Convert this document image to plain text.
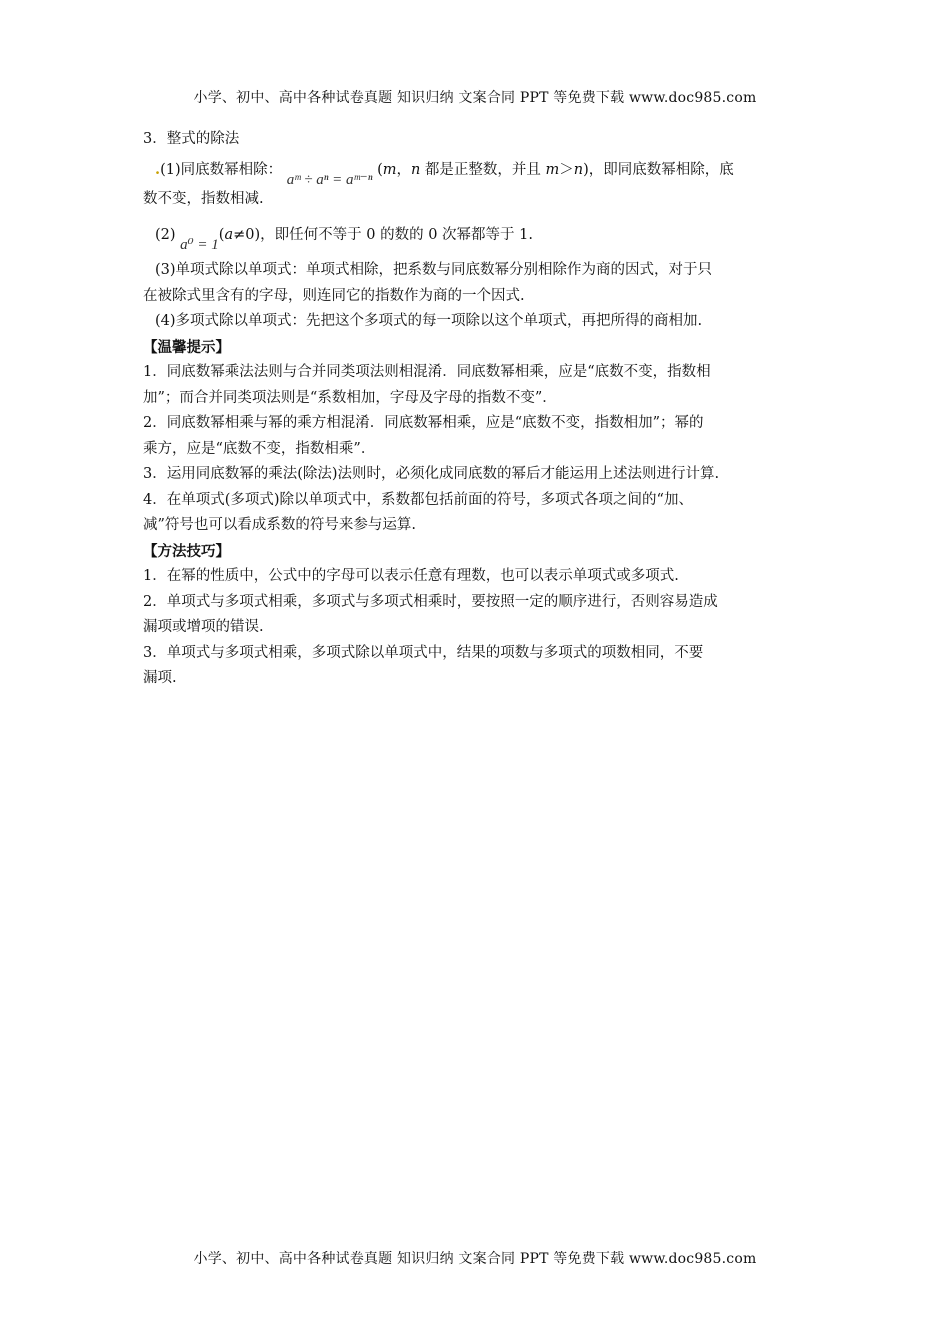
小学、初中、高中各种试卷真题 知识归纳 文案合同 PPT 等免费下载 www.doc985.com
3．整式的除法
.(1)同底数幂相除： aᵐ ÷ aⁿ = aᵐ⁻ⁿ (m，n 都是正整数，并且 m＞n)，即同底数幂相除，底
数不变，指数相减.
(2) a⁰ = 1(a≠0)，即任何不等于 0 的数的 0 次幂都等于 1.
(3)单项式除以单项式：单项式相除，把系数与同底数幂分别相除作为商的因式，对于只
在被除式里含有的字母，则连同它的指数作为商的一个因式.
(4)多项式除以单项式：先把这个多项式的每一项除以这个单项式，再把所得的商相加.
【温馨提示】
1．同底数幂乘法法则与合并同类项法则相混淆．同底数幂相乘，应是“底数不变，指数相
加”；而合并同类项法则是“系数相加，字母及字母的指数不变”．
2．同底数幂相乘与幂的乘方相混淆．同底数幂相乘，应是“底数不变，指数相加”；幂的
乘方，应是“底数不变，指数相乘”．
3．运用同底数幂的乘法(除法)法则时，必须化成同底数的幂后才能运用上述法则进行计算.
4．在单项式(多项式)除以单项式中，系数都包括前面的符号，多项式各项之间的“加、
减”符号也可以看成系数的符号来参与运算.
【方法技巧】
1．在幂的性质中，公式中的字母可以表示任意有理数，也可以表示单项式或多项式.
2．单项式与多项式相乘，多项式与多项式相乘时，要按照一定的顺序进行，否则容易造成
漏项或增项的错误.
3．单项式与多项式相乘，多项式除以单项式中，结果的项数与多项式的项数相同，不要
漏项.
小学、初中、高中各种试卷真题 知识归纳 文案合同 PPT 等免费下载 www.doc985.com
